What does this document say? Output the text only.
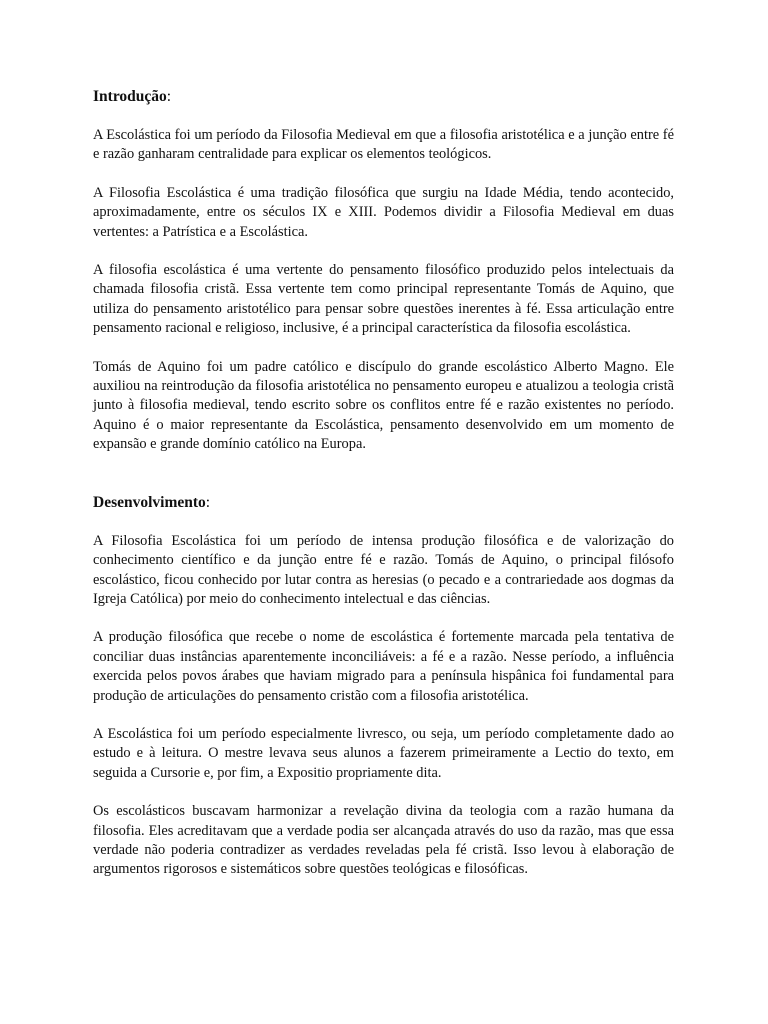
Introdução:

A Escolástica foi um período da Filosofia Medieval em que a filosofia aristotélica e a junção entre fé e razão ganharam centralidade para explicar os elementos teológicos.

A Filosofia Escolástica é uma tradição filosófica que surgiu na Idade Média, tendo acontecido, aproximadamente, entre os séculos IX e XIII. Podemos dividir a Filosofia Medieval em duas vertentes: a Patrística e a Escolástica.

A filosofia escolástica é uma vertente do pensamento filosófico produzido pelos intelectuais da chamada filosofia cristã. Essa vertente tem como principal representante Tomás de Aquino, que utiliza do pensamento aristotélico para pensar sobre questões inerentes à fé. Essa articulação entre pensamento racional e religioso, inclusive, é a principal característica da filosofia escolástica.

Tomás de Aquino foi um padre católico e discípulo do grande escolástico Alberto Magno. Ele auxiliou na reintrodução da filosofia aristotélica no pensamento europeu e atualizou a teologia cristã junto à filosofia medieval, tendo escrito sobre os conflitos entre fé e razão existentes no período. Aquino é o maior representante da Escolástica, pensamento desenvolvido em um momento de expansão e grande domínio católico na Europa.

Desenvolvimento:

A Filosofia Escolástica foi um período de intensa produção filosófica e de valorização do conhecimento científico e da junção entre fé e razão. Tomás de Aquino, o principal filósofo escolástico, ficou conhecido por lutar contra as heresias (o pecado e a contrariedade aos dogmas da Igreja Católica) por meio do conhecimento intelectual e das ciências.

A produção filosófica que recebe o nome de escolástica é fortemente marcada pela tentativa de conciliar duas instâncias aparentemente inconciliáveis: a fé e a razão. Nesse período, a influência exercida pelos povos árabes que haviam migrado para a península hispânica foi fundamental para produção de articulações do pensamento cristão com a filosofia aristotélica.

A Escolástica foi um período especialmente livresco, ou seja, um período completamente dado ao estudo e à leitura. O mestre levava seus alunos a fazerem primeiramente a Lectio do texto, em seguida a Cursorie e, por fim, a Expositio propriamente dita.

Os escolásticos buscavam harmonizar a revelação divina da teologia com a razão humana da filosofia. Eles acreditavam que a verdade podia ser alcançada através do uso da razão, mas que essa verdade não poderia contradizer as verdades reveladas pela fé cristã. Isso levou à elaboração de argumentos rigorosos e sistemáticos sobre questões teológicas e filosóficas.
